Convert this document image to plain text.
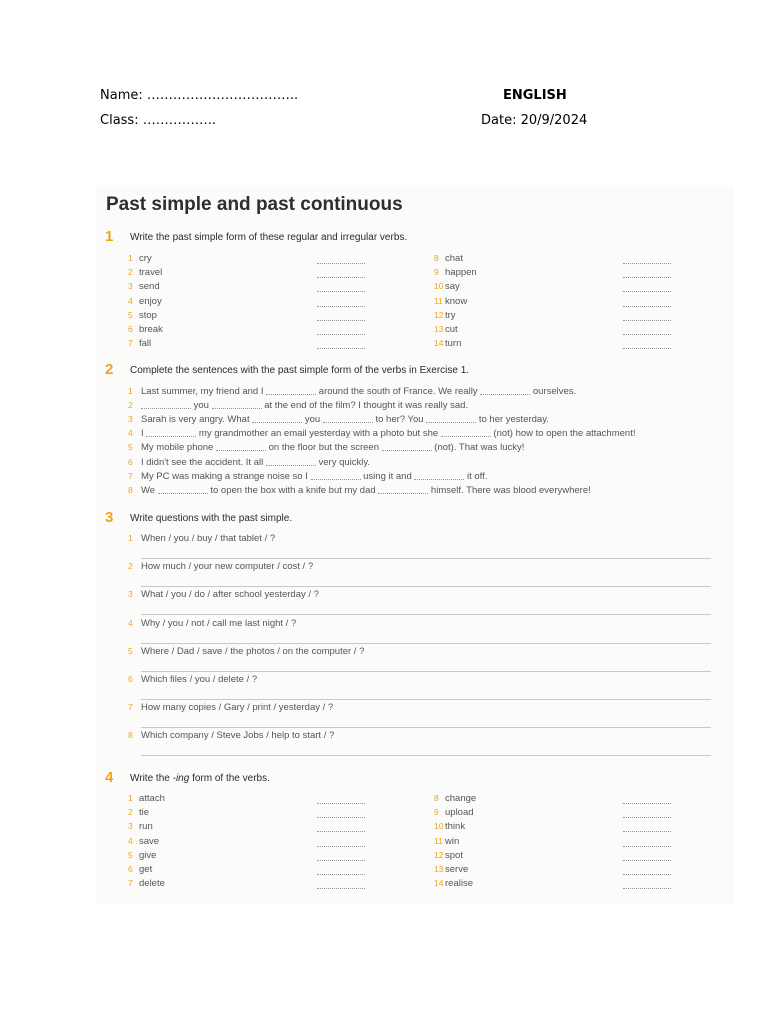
Name: ……………………………..	ENGLISH
Class: ……………..	Date: 20/9/2024
Past simple and past continuous
1 Write the past simple form of these regular and irregular verbs.
1 cry
2 travel
3 send
4 enjoy
5 stop
6 break
7 fall
8 chat
9 happen
10 say
11 know
12 try
13 cut
14 turn
2 Complete the sentences with the past simple form of the verbs in Exercise 1.
1 Last summer, my friend and I	around the south of France. We really	ourselves.
2	you	at the end of the film? I thought it was really sad.
3 Sarah is very angry. What	you	to her? You	to her yesterday.
4 I	my grandmother an email yesterday with a photo but she	(not) how to open the attachment!
5 My mobile phone	on the floor but the screen	(not). That was lucky!
6 I didn't see the accident. It all	very quickly.
7 My PC was making a strange noise so I	using it and	it off.
8 We	to open the box with a knife but my dad	himself. There was blood everywhere!
3 Write questions with the past simple.
1 When / you / buy / that tablet / ?
2 How much / your new computer / cost / ?
3 What / you / do / after school yesterday / ?
4 Why / you / not / call me last night / ?
5 Where / Dad / save / the photos / on the computer / ?
6 Which files / you / delete / ?
7 How many copies / Gary / print / yesterday / ?
8 Which company / Steve Jobs / help to start / ?
4 Write the -ing form of the verbs.
1 attach
2 tie
3 run
4 save
5 give
6 get
7 delete
8 change
9 upload
10 think
11 win
12 spot
13 serve
14 realise
